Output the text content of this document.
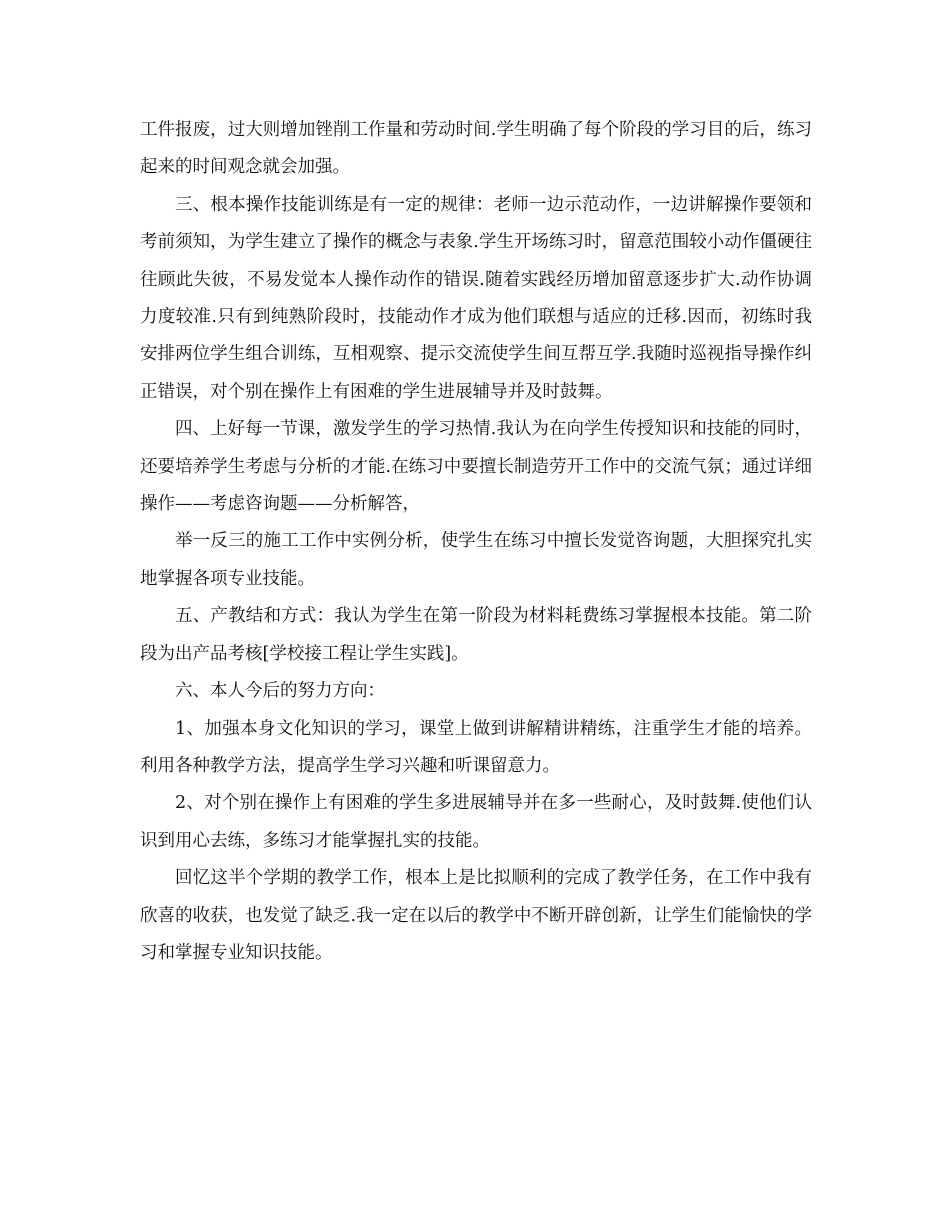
工件报废，过大则增加锉削工作量和劳动时间.学生明确了每个阶段的学习目的后，练习起来的时间观念就会加强。

三、根本操作技能训练是有一定的规律：老师一边示范动作，一边讲解操作要领和考前须知，为学生建立了操作的概念与表象.学生开场练习时，留意范围较小动作僵硬往往顾此失彼，不易发觉本人操作动作的错误.随着实践经历增加留意逐步扩大.动作协调力度较准.只有到纯熟阶段时，技能动作才成为他们联想与适应的迁移.因而，初练时我安排两位学生组合训练，互相观察、提示交流使学生间互帮互学.我随时巡视指导操作纠正错误，对个别在操作上有困难的学生进展辅导并及时鼓舞。

四、上好每一节课，激发学生的学习热情.我认为在向学生传授知识和技能的同时，还要培养学生考虑与分析的才能.在练习中要擅长制造劳开工作中的交流气氛；通过详细操作——考虑咨询题——分析解答，

举一反三的施工工作中实例分析，使学生在练习中擅长发觉咨询题，大胆探究扎实地掌握各项专业技能。

五、产教结和方式：我认为学生在第一阶段为材料耗费练习掌握根本技能。第二阶段为出产品考核[学校接工程让学生实践]。

六、本人今后的努力方向：

1、加强本身文化知识的学习，课堂上做到讲解精讲精练，注重学生才能的培养。利用各种教学方法，提高学生学习兴趣和听课留意力。

2、对个别在操作上有困难的学生多进展辅导并在多一些耐心，及时鼓舞.使他们认识到用心去练，多练习才能掌握扎实的技能。

回忆这半个学期的教学工作，根本上是比拟顺利的完成了教学任务，在工作中我有欣喜的收获，也发觉了缺乏.我一定在以后的教学中不断开辟创新，让学生们能愉快的学习和掌握专业知识技能。
